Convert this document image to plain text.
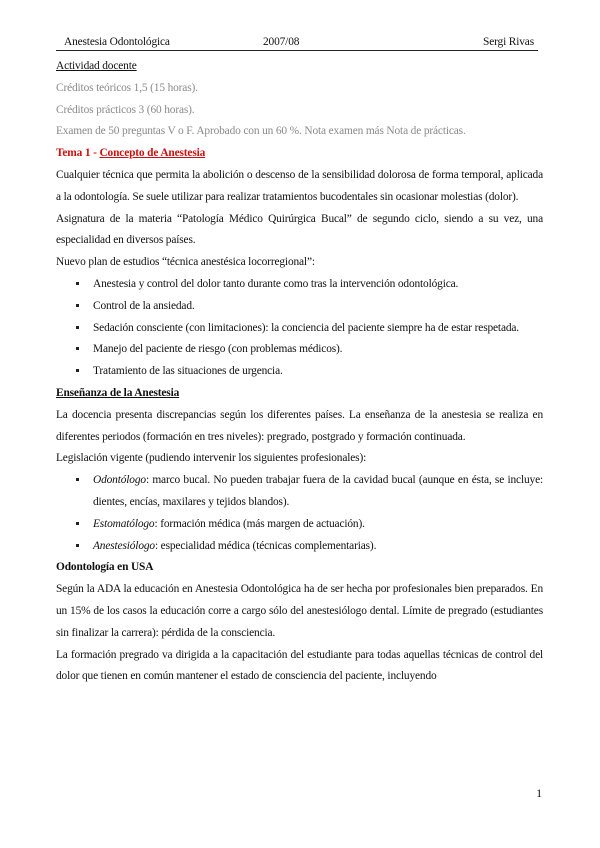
Anestesia Odontológica	2007/08	Sergi Rivas

Actividad docente

Créditos teóricos 1,5 (15 horas).

Créditos prácticos 3 (60 horas).

Examen de 50 preguntas V o F. Aprobado con un 60 %. Nota examen más Nota de prácticas.

Tema 1 - Concepto de Anestesia

Cualquier técnica que permita la abolición o descenso de la sensibilidad dolorosa de forma temporal, aplicada a la odontología. Se suele utilizar para realizar tratamientos bucodentales sin ocasionar molestias (dolor).

Asignatura de la materia “Patología Médico Quirúrgica Bucal” de segundo ciclo, siendo a su vez, una especialidad en diversos países.

Nuevo plan de estudios “técnica anestésica locorregional”:

Anestesia y control del dolor tanto durante como tras la intervención odontológica.
Control de la ansiedad.
Sedación consciente (con limitaciones): la conciencia del paciente siempre ha de estar respetada.
Manejo del paciente de riesgo (con problemas médicos).
Tratamiento de las situaciones de urgencia.

Enseñanza de la Anestesia

La docencia presenta discrepancias según los diferentes países. La enseñanza de la anestesia se realiza en diferentes periodos (formación en tres niveles): pregrado, postgrado y formación continuada.

Legislación vigente (pudiendo intervenir los siguientes profesionales):

Odontólogo: marco bucal. No pueden trabajar fuera de la cavidad bucal (aunque en ésta, se incluye: dientes, encías, maxilares y tejidos blandos).
Estomatólogo: formación médica (más margen de actuación).
Anestesiólogo: especialidad médica (técnicas complementarias).

Odontología en USA

Según la ADA la educación en Anestesia Odontológica ha de ser hecha por profesionales bien preparados. En un 15% de los casos la educación corre a cargo sólo del anestesiólogo dental. Límite de pregrado (estudiantes sin finalizar la carrera): pérdida de la consciencia.

La formación pregrado va dirigida a la capacitación del estudiante para todas aquellas técnicas de control del dolor que tienen en común mantener el estado de consciencia del paciente, incluyendo

1
